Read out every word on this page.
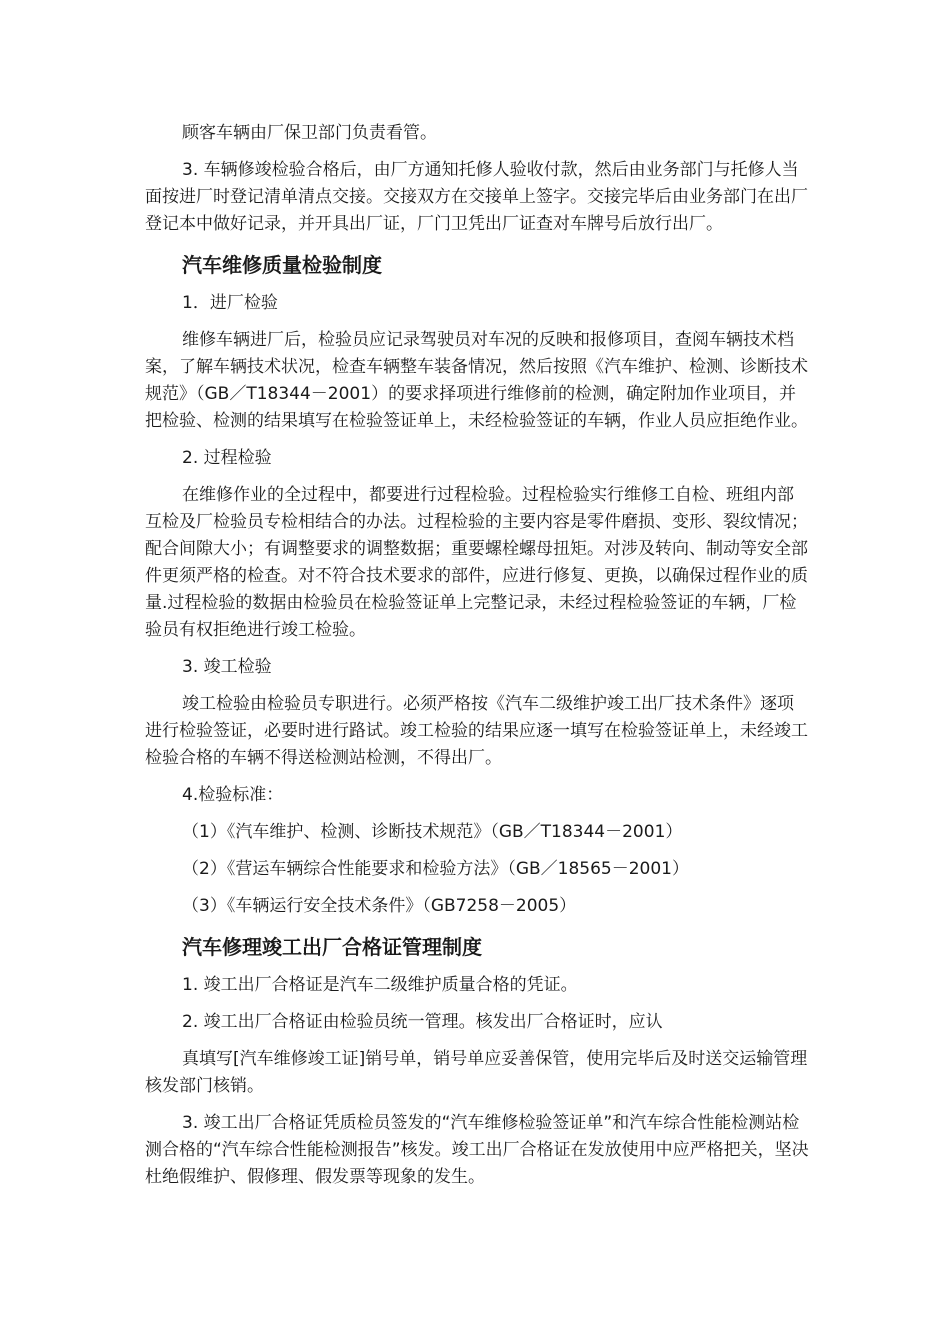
顾客车辆由厂保卫部门负责看管。

3. 车辆修竣检验合格后，由厂方通知托修人验收付款，然后由业务部门与托修人当面按进厂时登记清单清点交接。交接双方在交接单上签字。交接完毕后由业务部门在出厂登记本中做好记录，并开具出厂证，厂门卫凭出厂证查对车牌号后放行出厂。

汽车维修质量检验制度

1．进厂检验

维修车辆进厂后，检验员应记录驾驶员对车况的反映和报修项目，查阅车辆技术档案，了解车辆技术状况，检查车辆整车装备情况，然后按照《汽车维护、检测、诊断技术规范》（GB／T18344－2001）的要求择项进行维修前的检测，确定附加作业项目，并把检验、检测的结果填写在检验签证单上，未经检验签证的车辆，作业人员应拒绝作业。

2. 过程检验

在维修作业的全过程中，都要进行过程检验。过程检验实行维修工自检、班组内部互检及厂检验员专检相结合的办法。过程检验的主要内容是零件磨损、变形、裂纹情况；配合间隙大小；有调整要求的调整数据；重要螺栓螺母扭矩。对涉及转向、制动等安全部件更须严格的检查。对不符合技术要求的部件，应进行修复、更换，以确保过程作业的质量.过程检验的数据由检验员在检验签证单上完整记录，未经过程检验签证的车辆，厂检验员有权拒绝进行竣工检验。

3. 竣工检验

竣工检验由检验员专职进行。必须严格按《汽车二级维护竣工出厂技术条件》逐项进行检验签证，必要时进行路试。竣工检验的结果应逐一填写在检验签证单上，未经竣工检验合格的车辆不得送检测站检测，不得出厂。

4.检验标准：

（1）《汽车维护、检测、诊断技术规范》（GB／T18344－2001）

（2）《营运车辆综合性能要求和检验方法》（GB／18565－2001）

（3）《车辆运行安全技术条件》（GB7258－2005）

汽车修理竣工出厂合格证管理制度

1. 竣工出厂合格证是汽车二级维护质量合格的凭证。

2. 竣工出厂合格证由检验员统一管理。核发出厂合格证时，应认

真填写[汽车维修竣工证]销号单，销号单应妥善保管，使用完毕后及时送交运输管理核发部门核销。

3. 竣工出厂合格证凭质检员签发的“汽车维修检验签证单”和汽车综合性能检测站检测合格的“汽车综合性能检测报告”核发。竣工出厂合格证在发放使用中应严格把关，坚决杜绝假维护、假修理、假发票等现象的发生。
